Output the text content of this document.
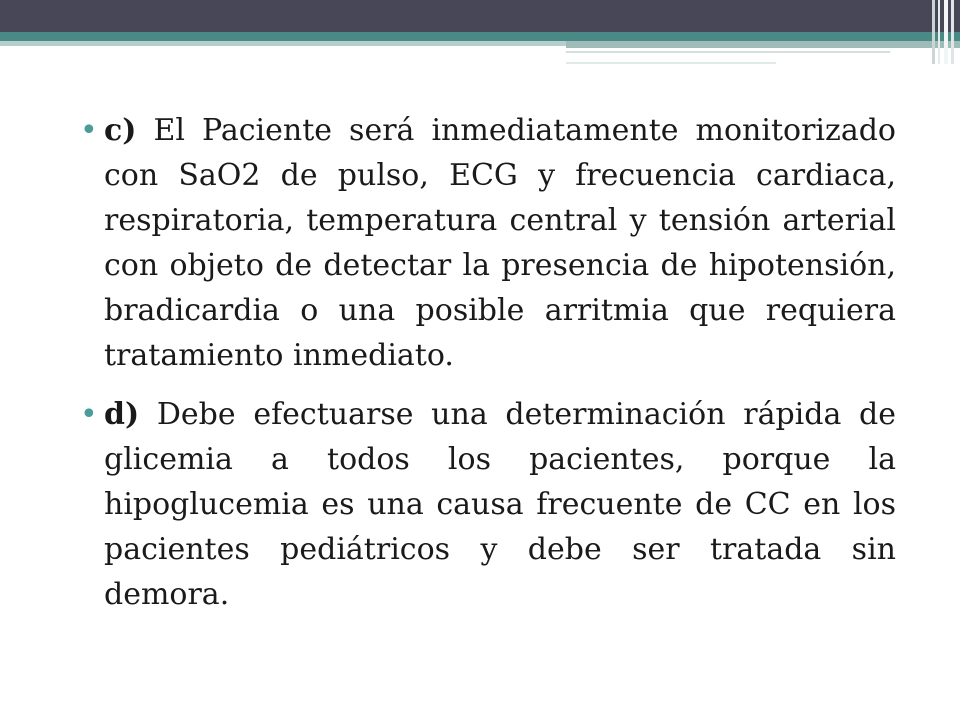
• c) El Paciente será inmediatamente monitorizado con SaO2 de pulso, ECG y frecuencia cardiaca, respiratoria, temperatura central y tensión arterial con objeto de detectar la presencia de hipotensión, bradicardia o una posible arritmia que requiera tratamiento inmediato.

• d) Debe efectuarse una determinación rápida de glicemia a todos los pacientes, porque la hipoglucemia es una causa frecuente de CC en los pacientes pediátricos y debe ser tratada sin demora.
